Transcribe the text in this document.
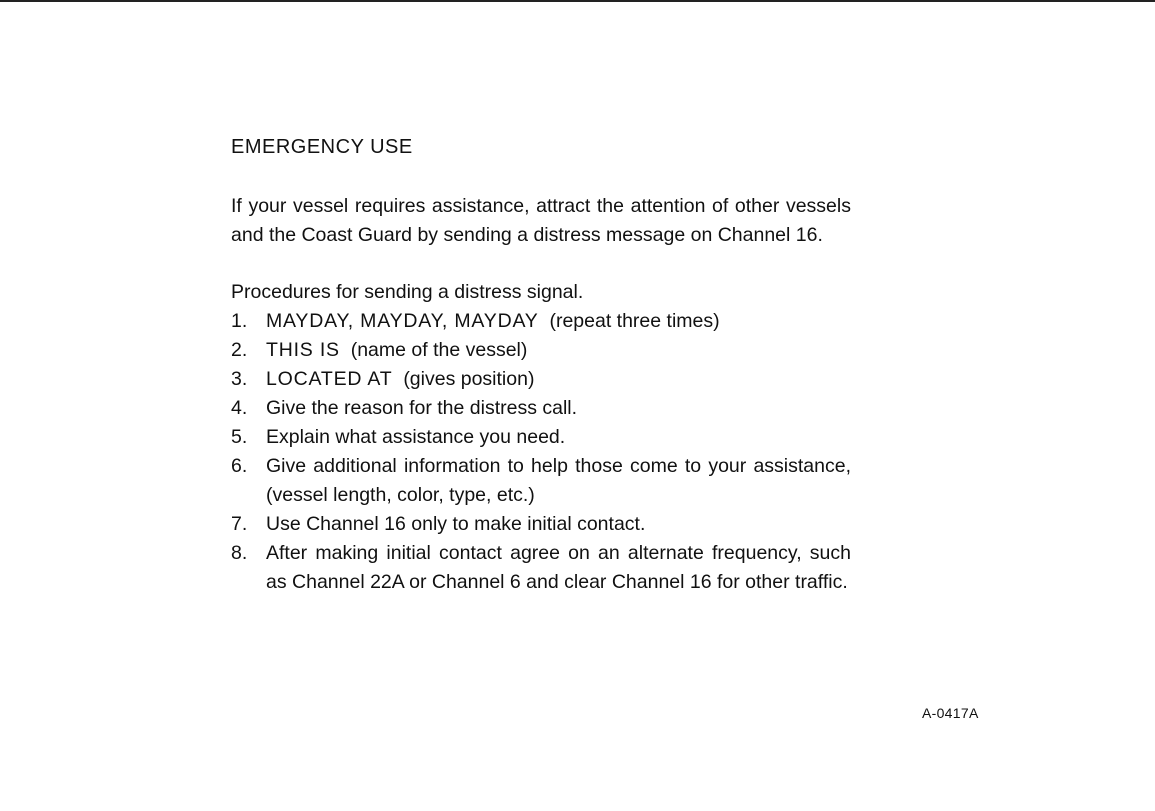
EMERGENCY USE

If your vessel requires assistance, attract the attention of other vessels and the Coast Guard by sending a distress message on Channel 16.

Procedures for sending a distress signal.

1. MAYDAY, MAYDAY, MAYDAY (repeat three times)
2. THIS IS (name of the vessel)
3. LOCATED AT (gives position)
4. Give the reason for the distress call.
5. Explain what assistance you need.
6. Give additional information to help those come to your assistance, (vessel length, color, type, etc.)
7. Use Channel 16 only to make initial contact.
8. After making initial contact agree on an alternate frequency, such as Channel 22A or Channel 6 and clear Channel 16 for other traffic.
A-0417A
